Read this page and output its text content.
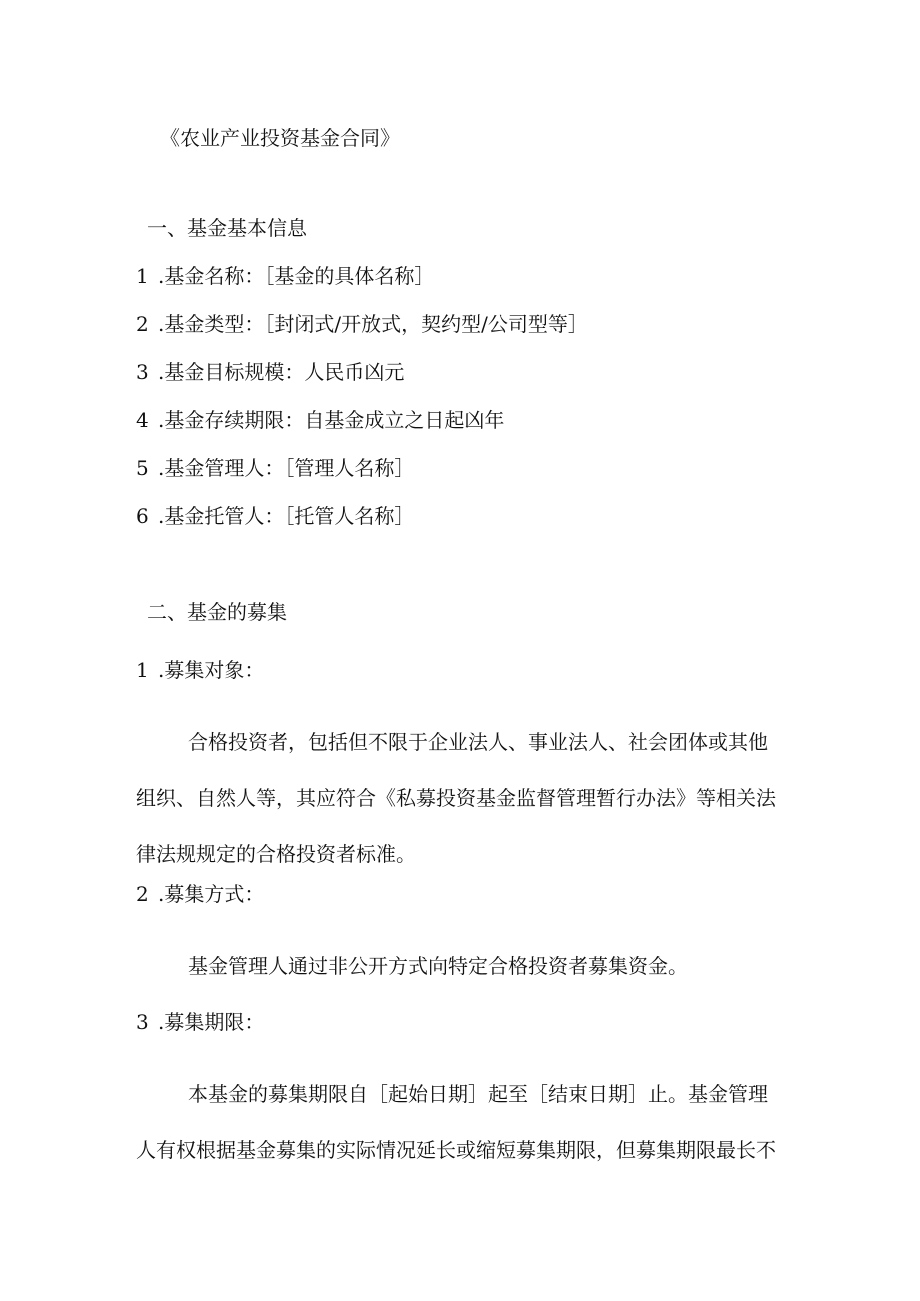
《农业产业投资基金合同》
一、基金基本信息
1 .基金名称：［基金的具体名称］
2 .基金类型：［封闭式/开放式，契约型/公司型等］
3 .基金目标规模：人民币凶元
4 .基金存续期限：自基金成立之日起凶年
5 .基金管理人：［管理人名称］
6 .基金托管人：［托管人名称］
二、基金的募集
1 .募集对象：
合格投资者，包括但不限于企业法人、事业法人、社会团体或其他组织、自然人等，其应符合《私募投资基金监督管理暂行办法》等相关法律法规规定的合格投资者标准。
2 .募集方式：
基金管理人通过非公开方式向特定合格投资者募集资金。
3 .募集期限：
本基金的募集期限自［起始日期］起至［结束日期］止。基金管理人有权根据基金募集的实际情况延长或缩短募集期限，但募集期限最长不
